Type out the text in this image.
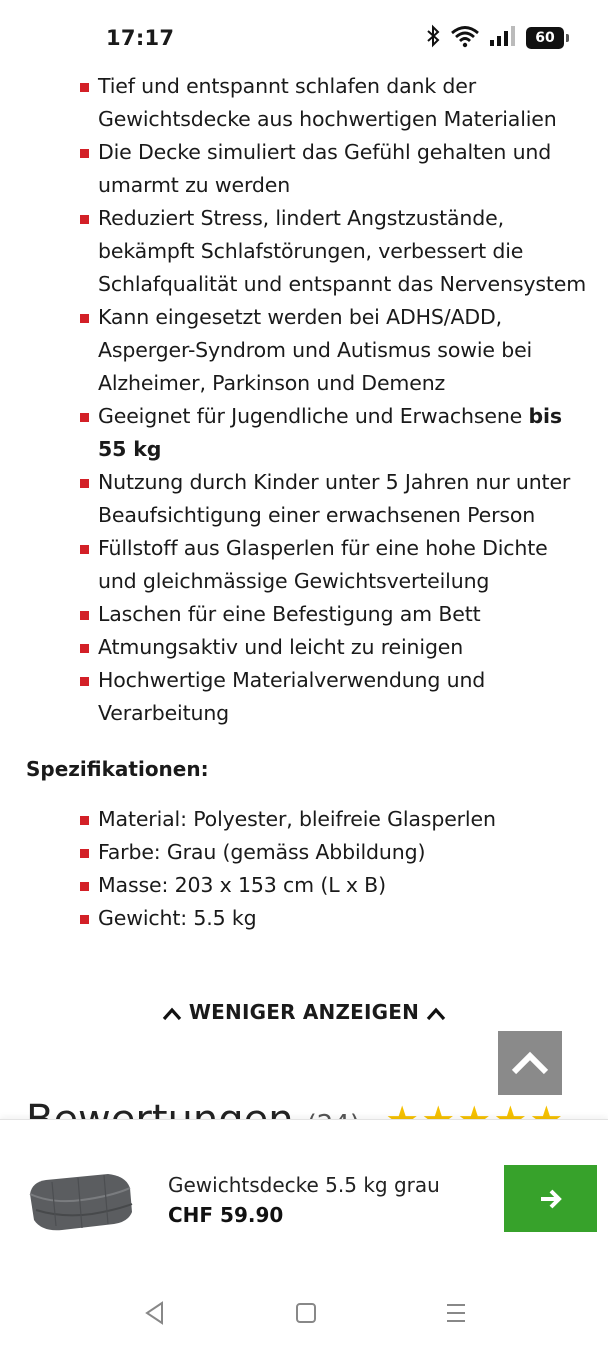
17:17	60
Tief und entspannt schlafen dank der Gewichtsdecke aus hochwertigen Materialien
Die Decke simuliert das Gefühl gehalten und umarmt zu werden
Reduziert Stress, lindert Angstzustände, bekämpft Schlafstörungen, verbessert die Schlafqualität und entspannt das Nervensystem
Kann eingesetzt werden bei ADHS/ADD, Asperger-Syndrom und Autismus sowie bei Alzheimer, Parkinson und Demenz
Geeignet für Jugendliche und Erwachsene bis 55 kg
Nutzung durch Kinder unter 5 Jahren nur unter Beaufsichtigung einer erwachsenen Person
Füllstoff aus Glasperlen für eine hohe Dichte und gleichmässige Gewichtsverteilung
Laschen für eine Befestigung am Bett
Atmungsaktiv und leicht zu reinigen
Hochwertige Materialverwendung und Verarbeitung
Spezifikationen:
Material: Polyester, bleifreie Glasperlen
Farbe: Grau (gemäss Abbildung)
Masse: 203 x 153 cm (L x B)
Gewicht: 5.5 kg
WENIGER ANZEIGEN
Gewichtsdecke 5.5 kg grau
CHF 59.90
